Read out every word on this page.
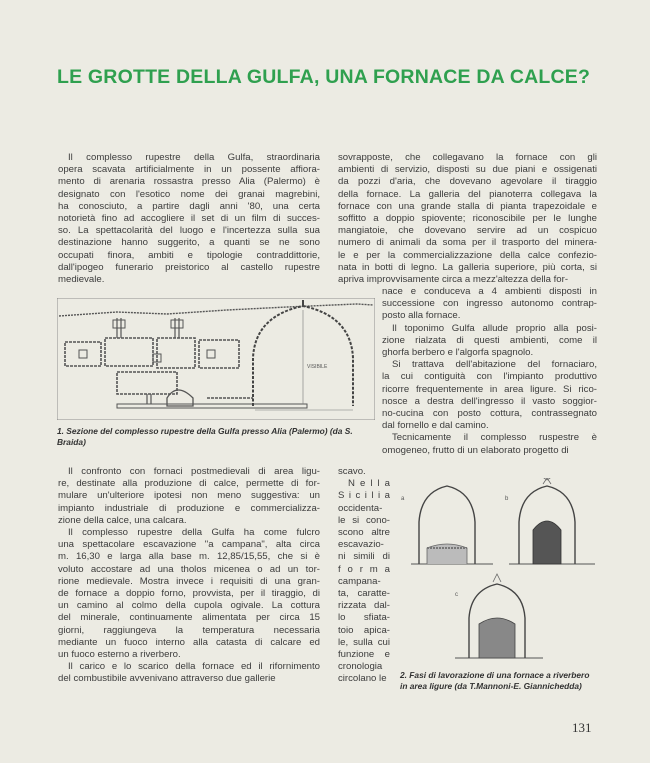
LE GROTTE DELLA GULFA, UNA FORNACE DA CALCE?
Il complesso rupestre della Gulfa, straordinaria
opera scavata artificialmente in un possente affiora-
mento di arenaria rossastra presso Alia (Palermo) è
designato con l'esotico nome dei granai magrebini,
ha conosciuto, a partire dagli anni '80, una certa
notorietà fino ad accogliere il set di un film di succes-
so. La spettacolarità del luogo e l'incertezza sulla sua
destinazione hanno suggerito, a quanti se ne sono
occupati finora, ambiti e tipologie contraddittorie,
dall'ipogeo funerario preistorico al castello rupestre
medievale.
VISIBILE
1. Sezione del complesso rupestre della Gulfa presso Alia (Palermo) (da S. Braida)
Il confronto con fornaci postmedievali di area ligu-
re, destinate alla produzione di calce, permette di for-
mulare un'ulteriore ipotesi non meno suggestiva: un
impianto industriale di produzione e commercializza-
zione della calce, una calcara.
Il complesso rupestre della Gulfa ha come fulcro
una spettacolare escavazione "a campana", alta circa
m. 16,30 e larga alla base m. 12,85/15,55, che si è
voluto accostare ad una tholos micenea o ad un tor-
rione medievale. Mostra invece i requisiti di una gran-
de fornace a doppio forno, provvista, per il tiraggio, di
un camino al colmo della cupola ogivale. La cottura
del minerale, continuamente alimentata per circa 15
giorni, raggiungeva la temperatura necessaria
mediante un fuoco interno alla catasta di calcare ed
un fuoco esterno a riverbero.
Il carico e lo scarico della fornace ed il rifornimento
del combustibile avvenivano attraverso due gallerie
sovrapposte, che collegavano la fornace con gli
ambienti di servizio, disposti su due piani e ossigenati
da pozzi d'aria, che dovevano agevolare il tiraggio
della fornace. La galleria del pianoterra collegava la
fornace con una grande stalla di pianta trapezoidale e
soffitto a doppio spiovente; riconoscibile per le lunghe
mangiatoie, che dovevano servire ad un cospicuo
numero di animali da soma per il trasporto del minera-
le e per la commercializzazione della calce confezio-
nata in botti di legno. La galleria superiore, più corta, si
apriva improvvisamente circa a mezz'altezza della for-
nace e conduceva a 4 ambienti disposti in
successione con ingresso autonomo contrap-
posto alla fornace.
Il toponimo Gulfa allude proprio alla posi-
zione rialzata di questi ambienti, come il
ghorfa berbero e l'algorfa spagnolo.
Si trattava dell'abitazione del fornaciaro,
la cui contiguità con l'impianto produttivo
ricorre frequentemente in area ligure. Si rico-
nosce a destra dell'ingresso il vasto soggior-
no-cucina con posto cottura, contrassegnato
dal fornello e dal camino.
Tecnicamente il complesso ruspestre è
omogeneo, frutto di un elaborato progetto di
scavo.
N e l l a
S i c i l i a
occidenta-
le si cono-
scono altre
escavazio-
ni simili di
f o r m a
campana-
ta, caratte-
rizzata dal-
lo sfiata-
toio apica-
le, sulla cui
funzione e
cronologia
circolano le
a	b
c
2. Fasi di lavorazione di una fornace a riverbero in area ligure (da T.Mannoni-E. Giannichedda)
131
